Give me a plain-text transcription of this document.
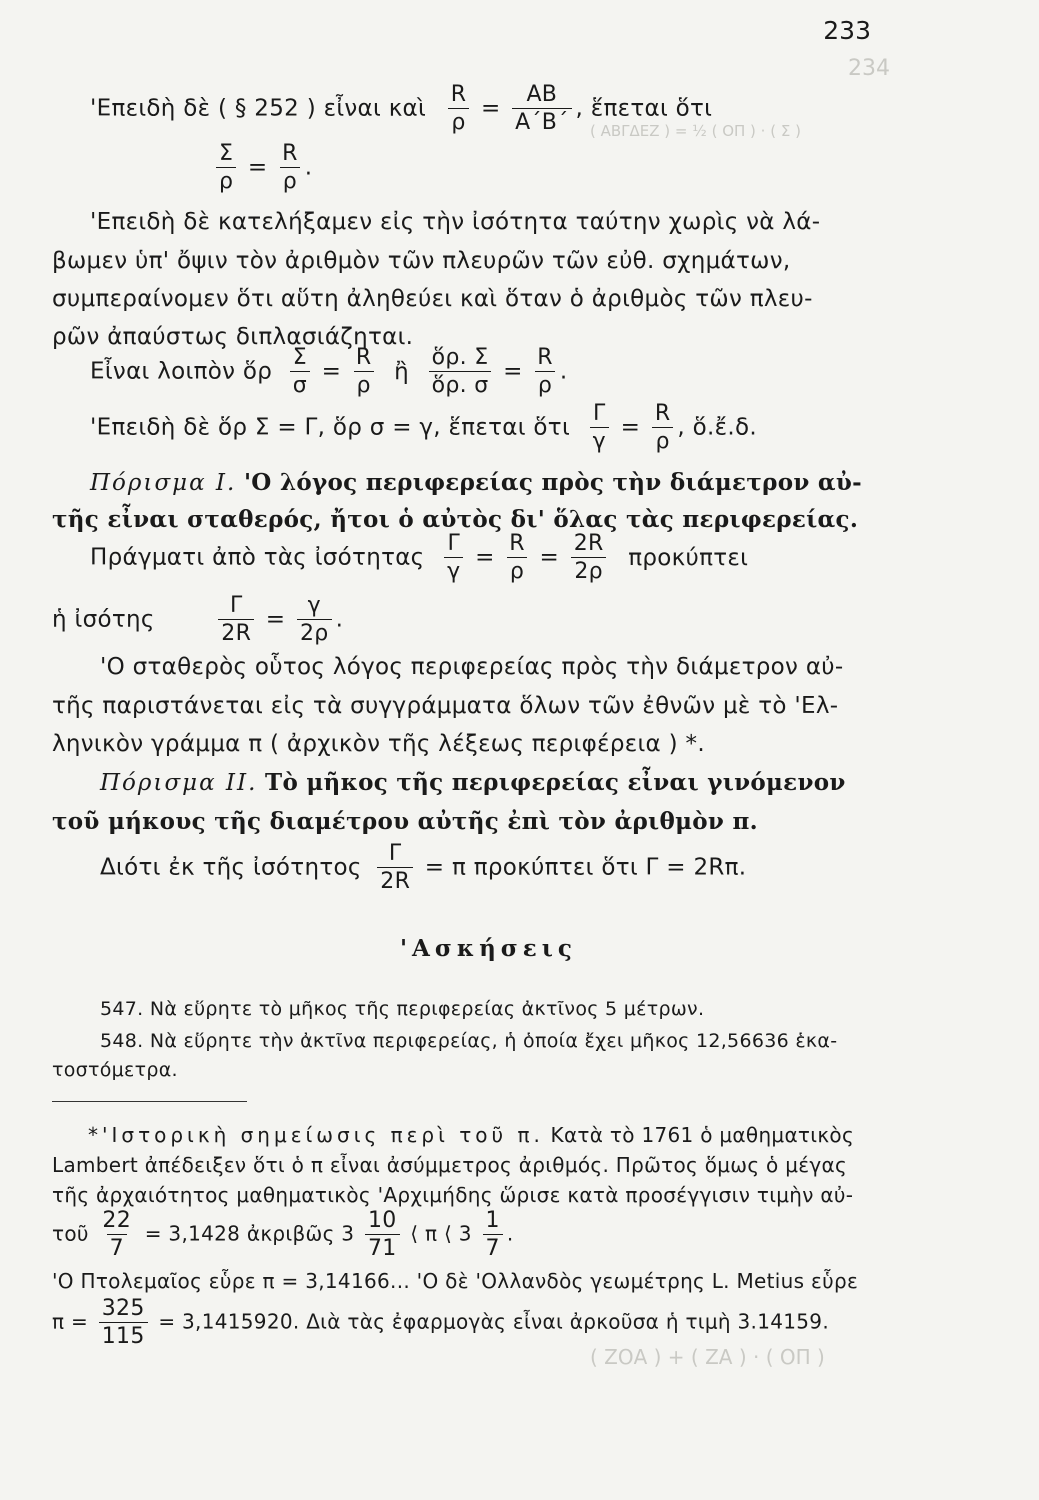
234
( ΑΒΓΔΕΖ ) = ½ ( ΟΠ ) · ( Σ )
( ΖΟΑ ) + ( ΖΑ ) · ( ΟΠ )
233
'Επειδὴ δὲ ( § 252 ) εἶναι καὶ $\frac{R}{\rho} = \frac{AB}{A΄B΄}$ , ἕπεται ὅτι
$\frac{\Sigma}{\rho} = \frac{R}{\rho}$ .
'Επειδὴ δὲ κατελήξαμεν εἰς τὴν ἰσότητα ταύτην χωρὶς νὰ λά-
βωμεν ὑπ' ὄψιν τὸν ἀριθμὸν τῶν πλευρῶν τῶν εὐθ. σχημάτων,
συμπεραίνομεν ὅτι αὕτη ἀληθεύει καὶ ὅταν ὁ ἀριθμὸς τῶν πλευ-
ρῶν ἀπαύστως διπλασιάζηται.
Εἶναι λοιπὸν ὅρ $\frac{\Sigma}{\sigma} = \frac{R}{\rho}$ ἢ $\frac{\text{ὅρ. Σ}}{\text{ὅρ. σ}} = \frac{R}{\rho}$ .
'Επειδὴ δὲ ὅρ Σ = Γ, ὅρ σ = γ, ἕπεται ὅτι $\frac{\Gamma}{\gamma} = \frac{R}{\rho}$ , ὅ.ἔ.δ.
Πόρισμα I. 'Ο λόγος περιφερείας πρὸς τὴν διάμετρον αὐ-
τῆς εἶναι σταθερός, ἤτοι ὁ αὐτὸς δι' ὅλας τὰς περιφερείας.
Πράγματι ἀπὸ τὰς ἰσότητας $\frac{\Gamma}{\gamma} = \frac{R}{\rho} = \frac{2R}{2\rho}$ προκύπτει
ἡ ἰσότης	$\frac{\Gamma}{2R} = \frac{\gamma}{2\rho}$ .
'Ο σταθερὸς οὗτος λόγος περιφερείας πρὸς τὴν διάμετρον αὐ-
τῆς παριστάνεται εἰς τὰ συγγράμματα ὅλων τῶν ἐθνῶν μὲ τὸ 'Ελ-
ληνικὸν γράμμα π ( ἀρχικὸν τῆς λέξεως περιφέρεια ) *.
Πόρισμα II. Τὸ μῆκος τῆς περιφερείας εἶναι γινόμενον
τοῦ μήκους τῆς διαμέτρου αὐτῆς ἐπὶ τὸν ἀριθμὸν π.
Διότι ἐκ τῆς ἰσότητος $\frac{\Gamma}{2R} = \pi$ προκύπτει ὅτι Γ = 2Rπ.
'Ασκήσεις
547. Νὰ εὕρητε τὸ μῆκος τῆς περιφερείας ἀκτῖνος 5 μέτρων.
548. Νὰ εὕρητε τὴν ἀκτῖνα περιφερείας, ἡ ὁποία ἔχει μῆκος 12,56636 ἑκα-
τοστόμετρα.
*'Ιστορικὴ σημείωσις περὶ τοῦ π. Κατὰ τὸ 1761 ὁ μαθηματικὸς
Lambert ἀπέδειξεν ὅτι ὁ π εἶναι ἀσύμμετρος ἀριθμός. Πρῶτος ὅμως ὁ μέγας
τῆς ἀρχαιότητος μαθηματικὸς 'Αρχιμήδης ὥρισε κατὰ προσέγγισιν τιμὴν αὐ-
τοῦ $\frac{22}{7} = 3,1428$ ἀκριβῶς $3 \frac{10}{71}$ ⟨ π ⟨ $3 \frac{1}{7}$ .
'Ο Πτολεμαῖος εὗρε π = 3,14166... 'Ο δὲ 'Ολλανδὸς γεωμέτρης L. Metius εὗρε
$\pi = \frac{325}{115} = 3,1415920$. Διὰ τὰς ἐφαρμογὰς εἶναι ἀρκοῦσα ἡ τιμὴ 3.14159.
